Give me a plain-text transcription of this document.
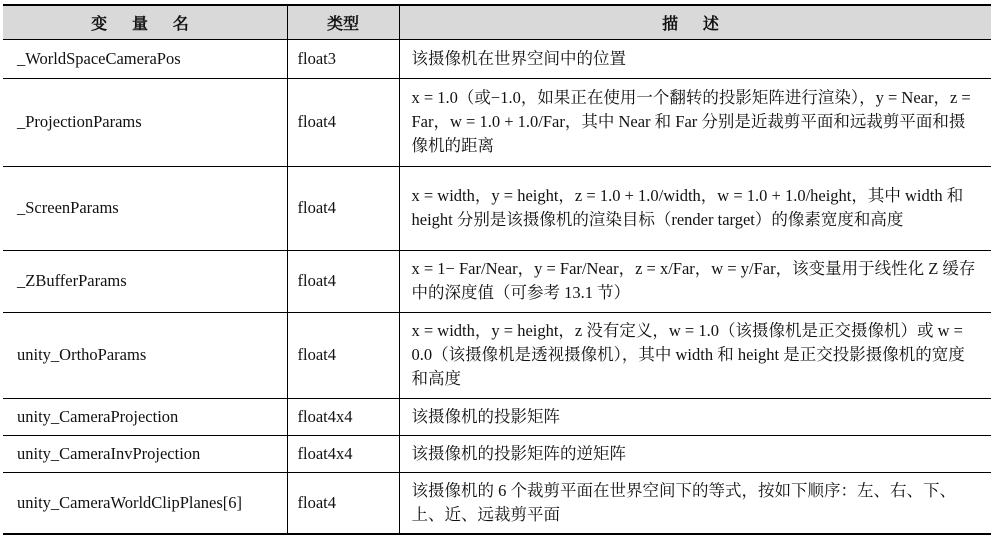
变 量 名	类型	描 述
_WorldSpaceCameraPos	float3	该摄像机在世界空间中的位置
_ProjectionParams	float4	x = 1.0（或−1.0，如果正在使用一个翻转的投影矩阵进行渲染），y = Near，z = Far，w = 1.0 + 1.0/Far，其中 Near 和 Far 分别是近裁剪平面和远裁剪平面和摄像机的距离
_ScreenParams	float4	x = width，y = height，z = 1.0 + 1.0/width，w = 1.0 + 1.0/height，其中 width 和 height 分别是该摄像机的渲染目标（render target）的像素宽度和高度
_ZBufferParams	float4	x = 1− Far/Near，y = Far/Near，z = x/Far，w = y/Far，该变量用于线性化 Z 缓存中的深度值（可参考 13.1 节）
unity_OrthoParams	float4	x = width，y = height，z 没有定义，w = 1.0（该摄像机是正交摄像机）或 w = 0.0（该摄像机是透视摄像机），其中 width 和 height 是正交投影摄像机的宽度和高度
unity_CameraProjection	float4x4	该摄像机的投影矩阵
unity_CameraInvProjection	float4x4	该摄像机的投影矩阵的逆矩阵
unity_CameraWorldClipPlanes[6]	float4	该摄像机的 6 个裁剪平面在世界空间下的等式，按如下顺序：左、右、下、上、近、远裁剪平面
